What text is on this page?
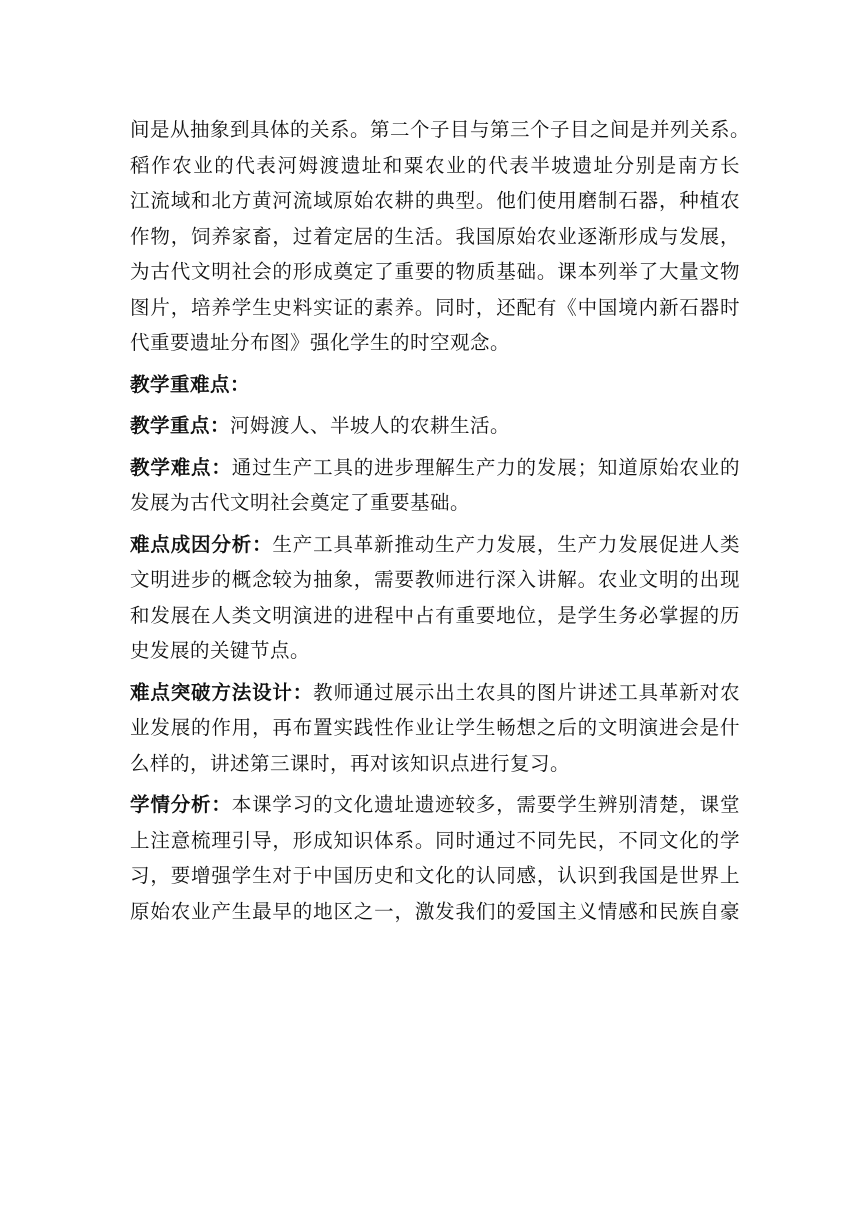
间是从抽象到具体的关系。第二个子目与第三个子目之间是并列关系。
稻作农业的代表河姆渡遗址和粟农业的代表半坡遗址分别是南方长
江流域和北方黄河流域原始农耕的典型。他们使用磨制石器，种植农
作物，饲养家畜，过着定居的生活。我国原始农业逐渐形成与发展，
为古代文明社会的形成奠定了重要的物质基础。课本列举了大量文物
图片，培养学生史料实证的素养。同时，还配有《中国境内新石器时
代重要遗址分布图》强化学生的时空观念。
教学重难点：
教学重点：河姆渡人、半坡人的农耕生活。
教学难点：通过生产工具的进步理解生产力的发展；知道原始农业的
发展为古代文明社会奠定了重要基础。
难点成因分析：生产工具革新推动生产力发展，生产力发展促进人类
文明进步的概念较为抽象，需要教师进行深入讲解。农业文明的出现
和发展在人类文明演进的进程中占有重要地位，是学生务必掌握的历
史发展的关键节点。
难点突破方法设计：教师通过展示出土农具的图片讲述工具革新对农
业发展的作用，再布置实践性作业让学生畅想之后的文明演进会是什
么样的，讲述第三课时，再对该知识点进行复习。
学情分析：本课学习的文化遗址遗迹较多，需要学生辨别清楚，课堂
上注意梳理引导，形成知识体系。同时通过不同先民，不同文化的学
习，要增强学生对于中国历史和文化的认同感，认识到我国是世界上
原始农业产生最早的地区之一，激发我们的爱国主义情感和民族自豪
